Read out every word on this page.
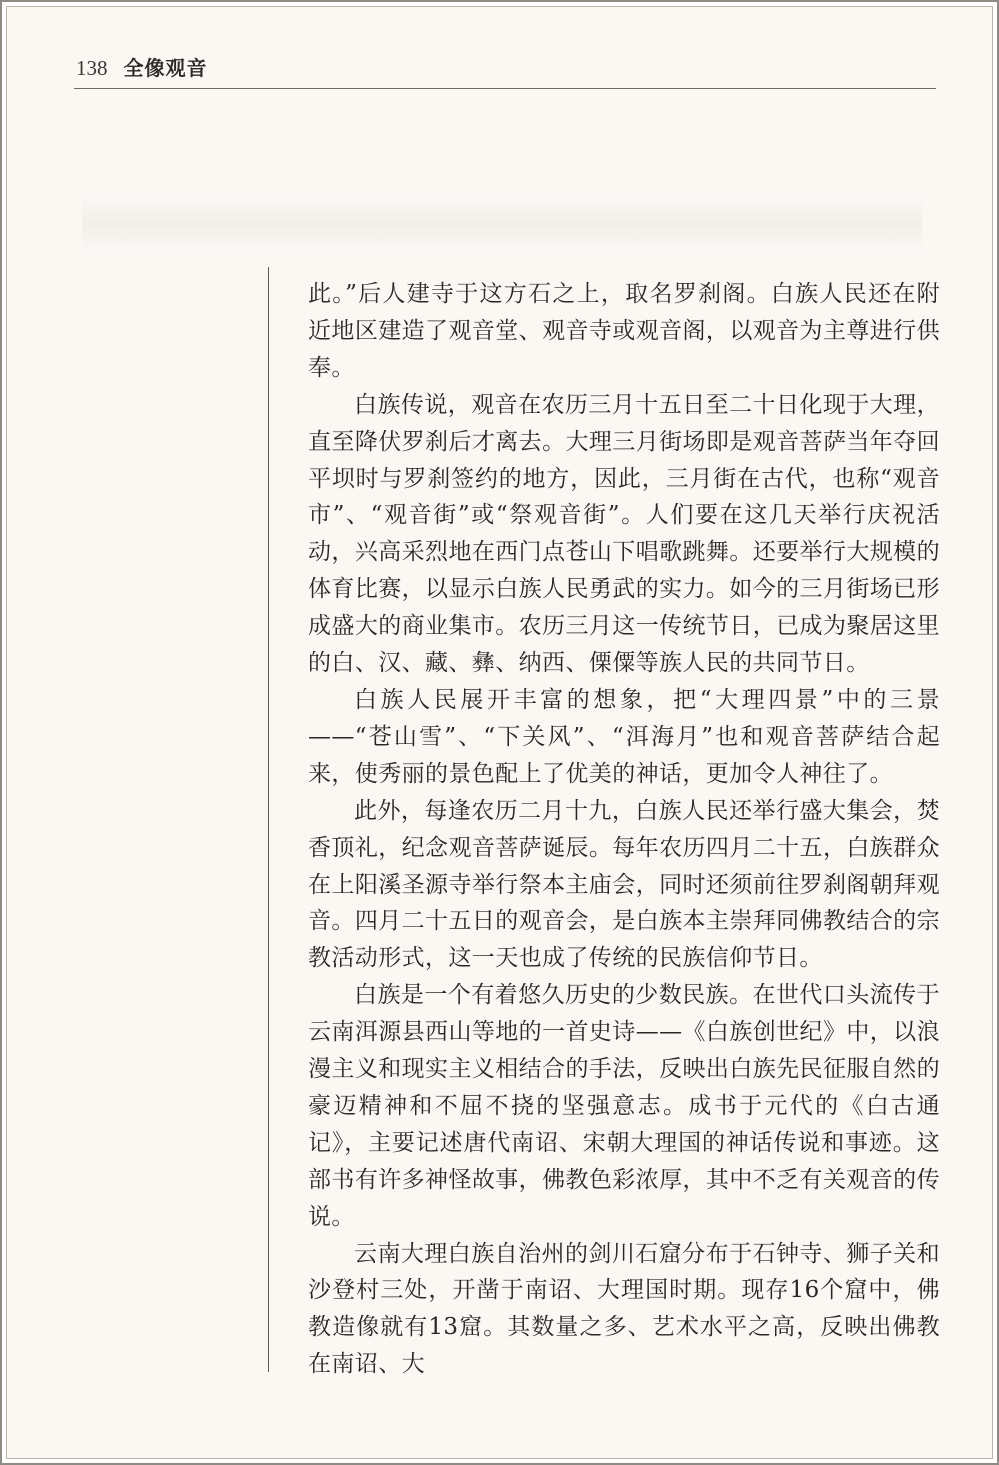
138 全像观音

此。”后人建寺于这方石之上，取名罗刹阁。白族人民还在附近地区建造了观音堂、观音寺或观音阁，以观音为主尊进行供奉。

白族传说，观音在农历三月十五日至二十日化现于大理，直至降伏罗刹后才离去。大理三月街场即是观音菩萨当年夺回平坝时与罗刹签约的地方，因此，三月街在古代，也称“观音市”、“观音街”或“祭观音街”。人们要在这几天举行庆祝活动，兴高采烈地在西门点苍山下唱歌跳舞。还要举行大规模的体育比赛，以显示白族人民勇武的实力。如今的三月街场已形成盛大的商业集市。农历三月这一传统节日，已成为聚居这里的白、汉、藏、彝、纳西、傈僳等族人民的共同节日。

白族人民展开丰富的想象，把“大理四景”中的三景——“苍山雪”、“下关风”、“洱海月”也和观音菩萨结合起来，使秀丽的景色配上了优美的神话，更加令人神往了。

此外，每逢农历二月十九，白族人民还举行盛大集会，焚香顶礼，纪念观音菩萨诞辰。每年农历四月二十五，白族群众在上阳溪圣源寺举行祭本主庙会，同时还须前往罗刹阁朝拜观音。四月二十五日的观音会，是白族本主崇拜同佛教结合的宗教活动形式，这一天也成了传统的民族信仰节日。

白族是一个有着悠久历史的少数民族。在世代口头流传于云南洱源县西山等地的一首史诗——《白族创世纪》中，以浪漫主义和现实主义相结合的手法，反映出白族先民征服自然的豪迈精神和不屈不挠的坚强意志。成书于元代的《白古通记》，主要记述唐代南诏、宋朝大理国的神话传说和事迹。这部书有许多神怪故事，佛教色彩浓厚，其中不乏有关观音的传说。

云南大理白族自治州的剑川石窟分布于石钟寺、狮子关和沙登村三处，开凿于南诏、大理国时期。现存16个窟中，佛教造像就有13窟。其数量之多、艺术水平之高，反映出佛教在南诏、大
